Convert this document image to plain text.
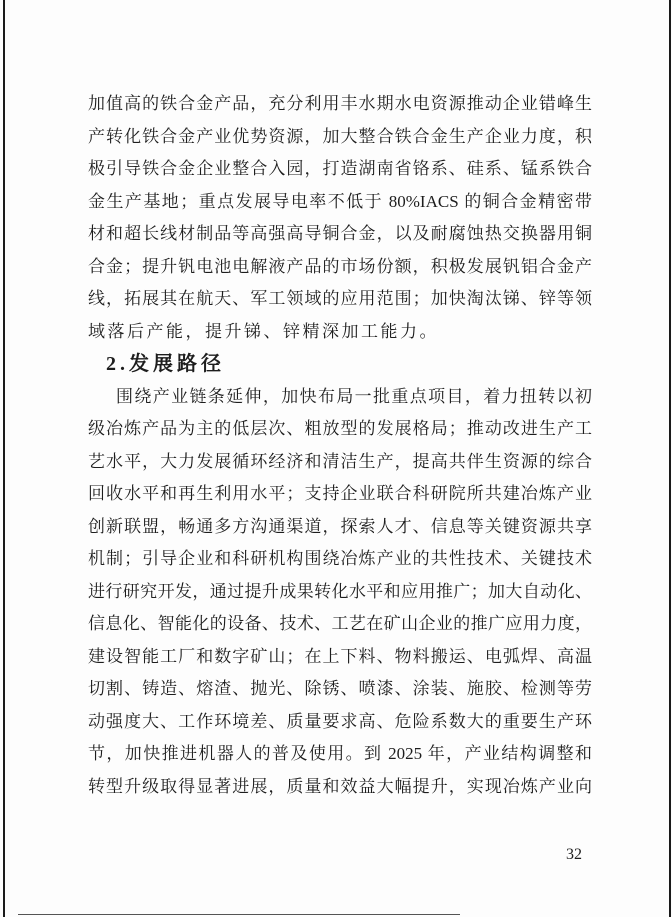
加值高的铁合金产品，充分利用丰水期水电资源推动企业错峰生
产转化铁合金产业优势资源，加大整合铁合金生产企业力度，积
极引导铁合金企业整合入园，打造湖南省铬系、硅系、锰系铁合
金生产基地；重点发展导电率不低于 80%IACS 的铜合金精密带
材和超长线材制品等高强高导铜合金，以及耐腐蚀热交换器用铜
合金；提升钒电池电解液产品的市场份额，积极发展钒铝合金产
线，拓展其在航天、军工领域的应用范围；加快淘汰锑、锌等领
域落后产能，提升锑、锌精深加工能力。
2.发展路径
围绕产业链条延伸，加快布局一批重点项目，着力扭转以初
级冶炼产品为主的低层次、粗放型的发展格局；推动改进生产工
艺水平，大力发展循环经济和清洁生产，提高共伴生资源的综合
回收水平和再生利用水平；支持企业联合科研院所共建冶炼产业
创新联盟，畅通多方沟通渠道，探索人才、信息等关键资源共享
机制；引导企业和科研机构围绕冶炼产业的共性技术、关键技术
进行研究开发，通过提升成果转化水平和应用推广；加大自动化、
信息化、智能化的设备、技术、工艺在矿山企业的推广应用力度，
建设智能工厂和数字矿山；在上下料、物料搬运、电弧焊、高温
切割、铸造、熔渣、抛光、除锈、喷漆、涂装、施胶、检测等劳
动强度大、工作环境差、质量要求高、危险系数大的重要生产环
节，加快推进机器人的普及使用。到 2025 年，产业结构调整和
转型升级取得显著进展，质量和效益大幅提升，实现冶炼产业向
32
